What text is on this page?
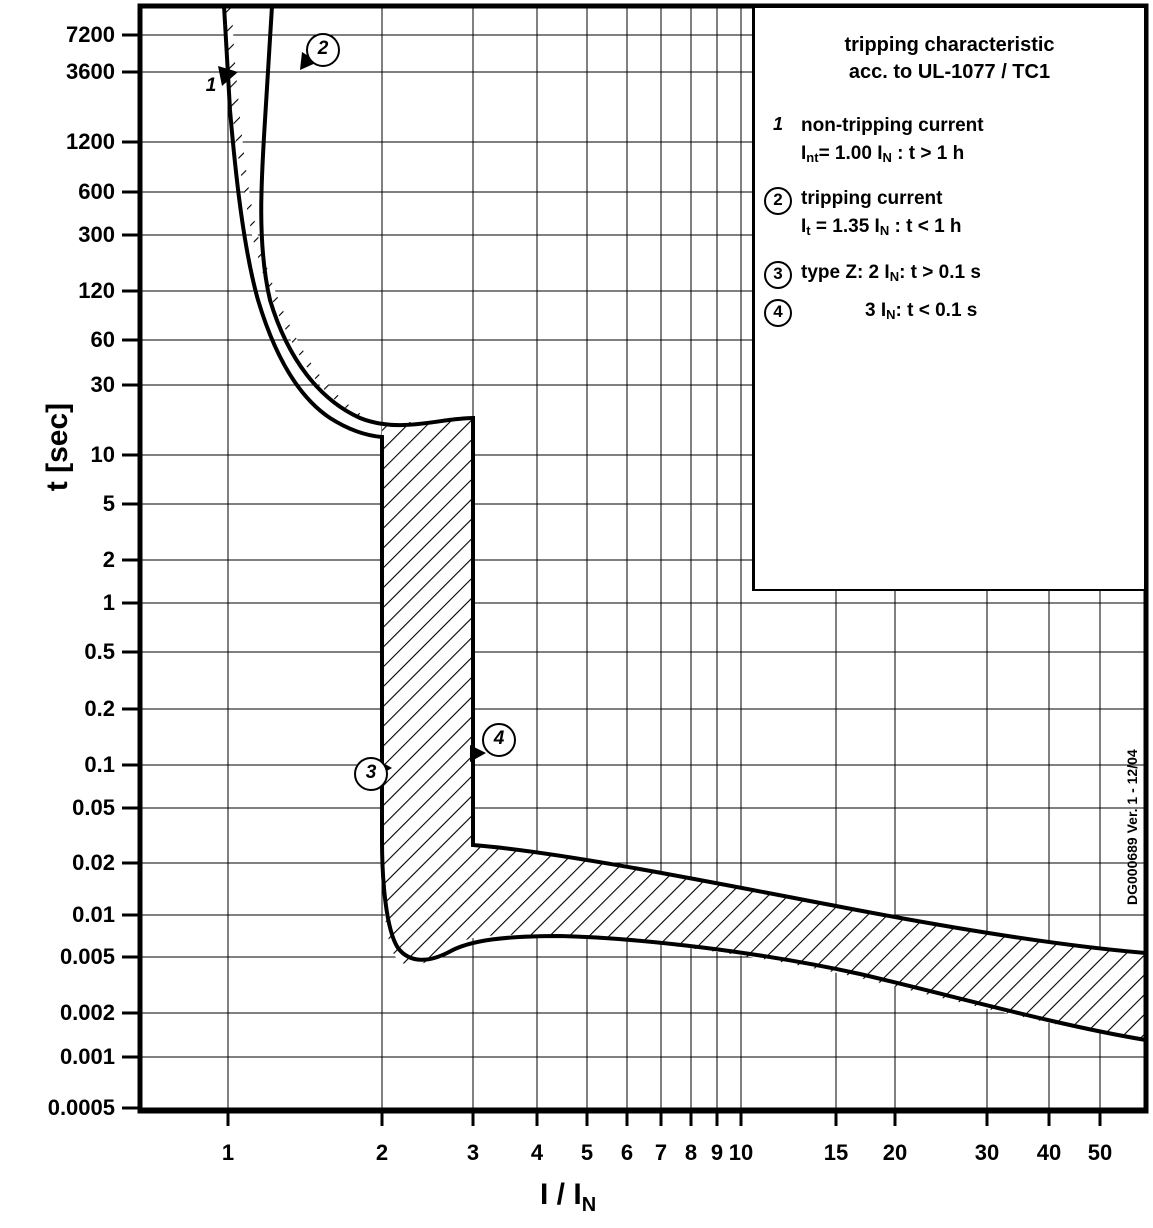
t [sec]
I / $I_N$
7200
3600
1200
600
300
120
60
30
10
5
2
1
0.5
0.2
0.1
0.05
0.02
0.01
0.005
0.002
0.001
0.0005
1	2	3	4	5	6 7 8 9 10	15	20	30	40	50
1
2
3
4
tripping characteristic
acc. to UL-1077 / TC1
1 non-tripping current
$I_{nt}= 1.00$ $I_N$ : t > 1 h
2 tripping current
$I_t = 1.35$ $I_N$ : t < 1 h
3 type Z: 2 $I_N$: t > 0.1 s
4	3 $I_N$: t < 0.1 s
DG000689 Ver. 1 - 12/04
